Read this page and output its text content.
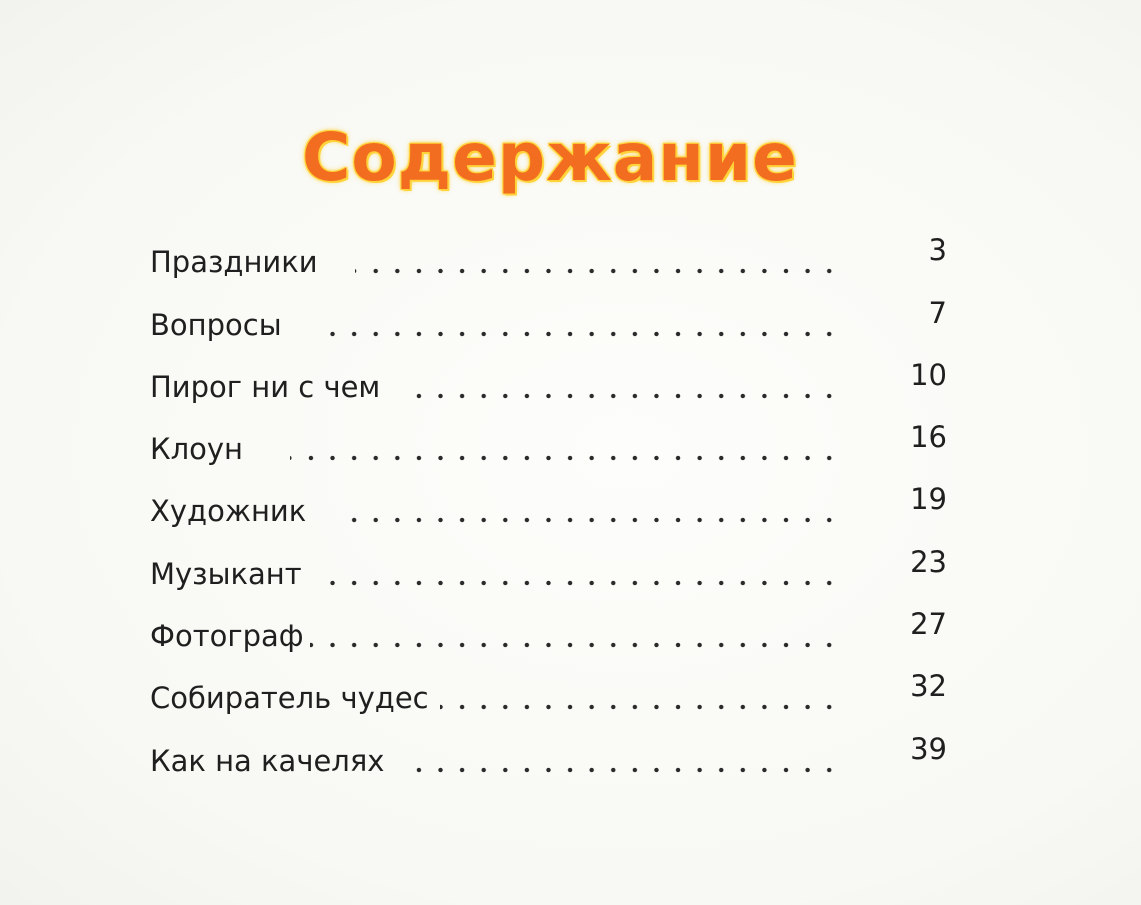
Содержание
Праздники	3
Вопросы	7
Пирог ни с чем	10
Клоун	16
Художник	19
Музыкант	23
Фотограф	27
Собиратель чудес	32
Как на качелях	39
